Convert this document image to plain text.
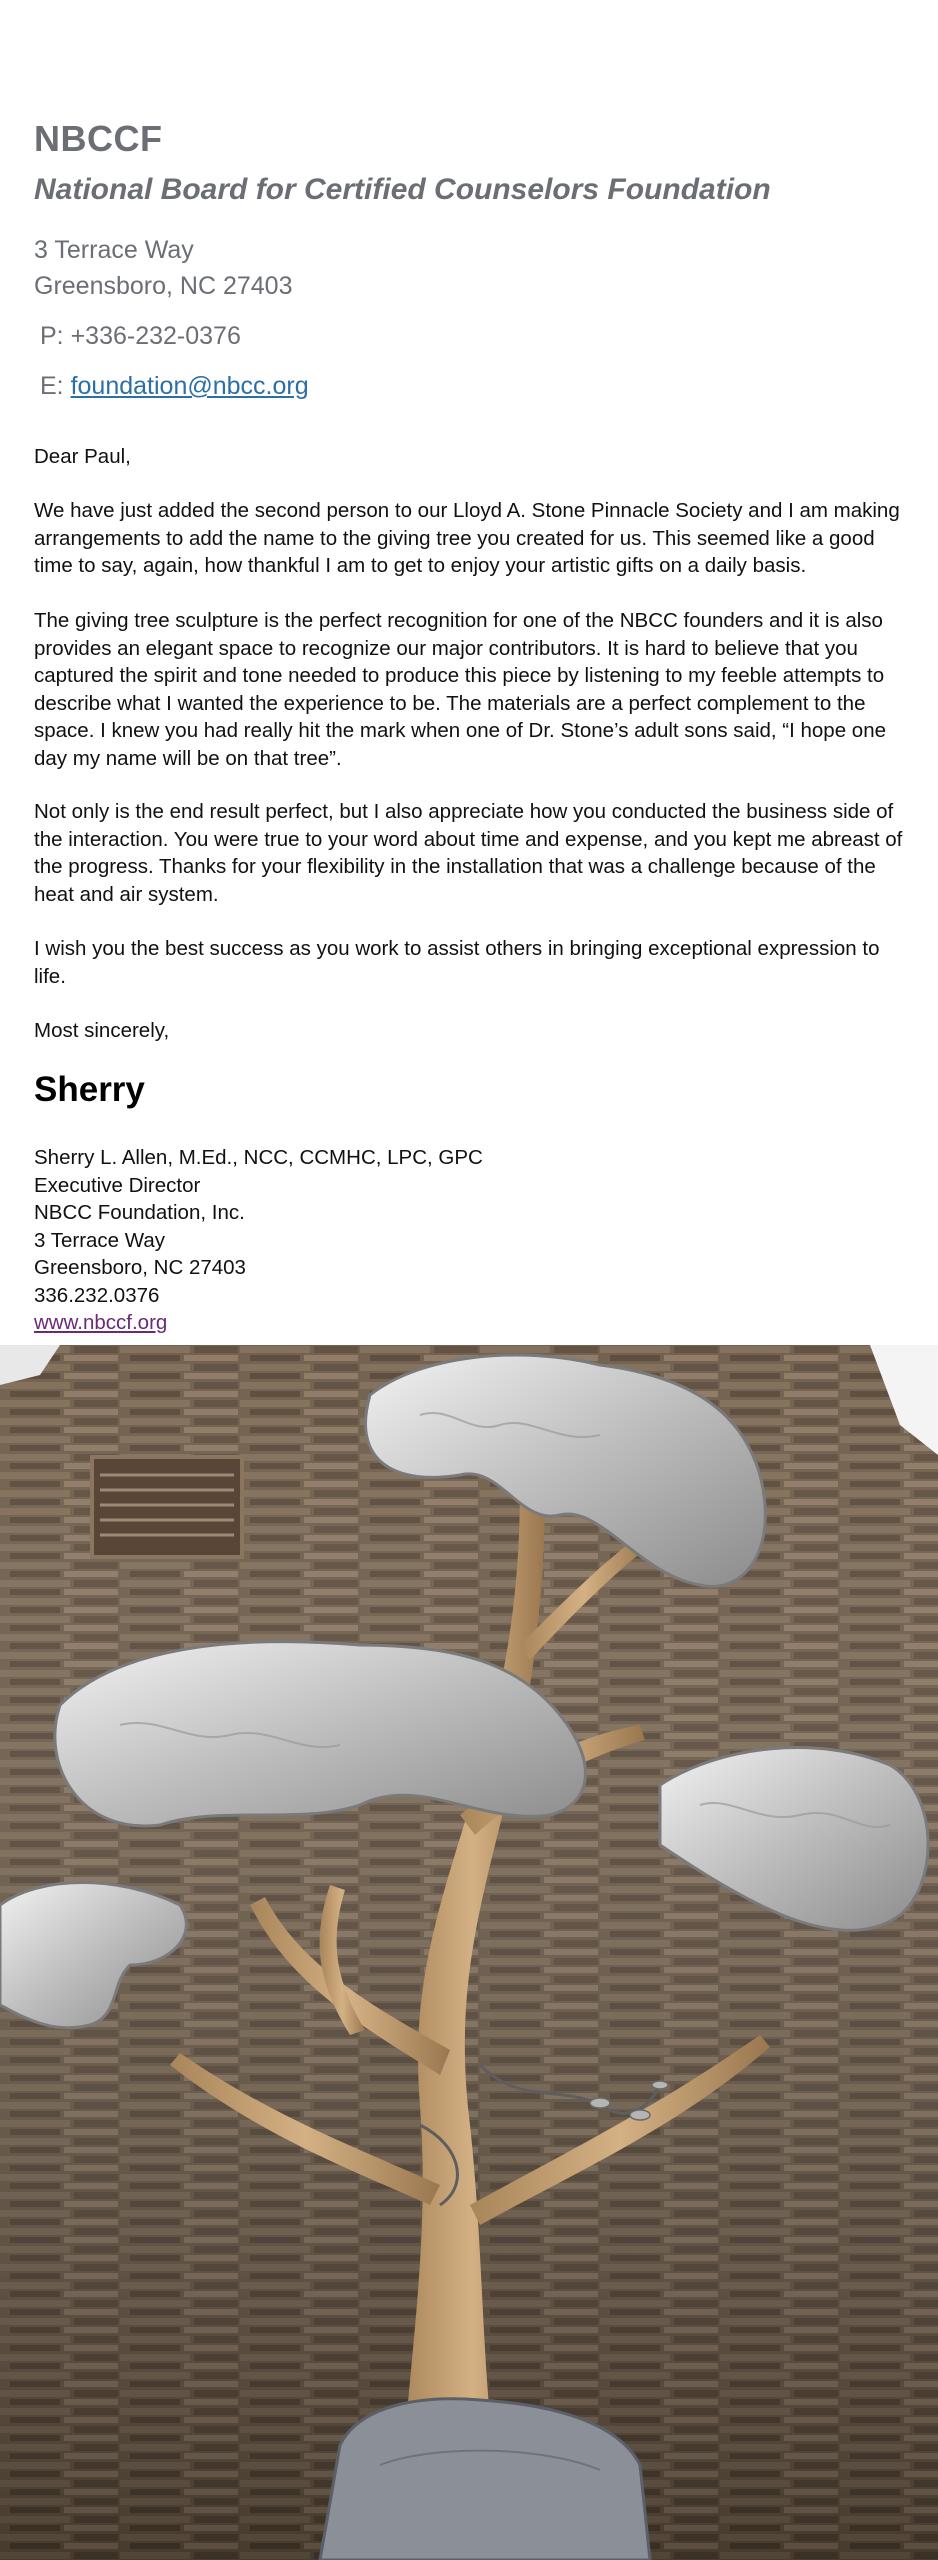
NBCCF
National Board for Certified Counselors Foundation
3 Terrace Way
Greensboro, NC 27403
P: +336-232-0376
E: foundation@nbcc.org

Dear Paul,

We have just added the second person to our Lloyd A. Stone Pinnacle Society and I am making arrangements to add the name to the giving tree you created for us. This seemed like a good time to say, again, how thankful I am to get to enjoy your artistic gifts on a daily basis.

The giving tree sculpture is the perfect recognition for one of the NBCC founders and it is also provides an elegant space to recognize our major contributors. It is hard to believe that you captured the spirit and tone needed to produce this piece by listening to my feeble attempts to describe what I wanted the experience to be. The materials are a perfect complement to the space. I knew you had really hit the mark when one of Dr. Stone’s adult sons said, “I hope one day my name will be on that tree”.

Not only is the end result perfect, but I also appreciate how you conducted the business side of the interaction. You were true to your word about time and expense, and you kept me abreast of the progress. Thanks for your flexibility in the installation that was a challenge because of the heat and air system.

I wish you the best success as you work to assist others in bringing exceptional expression to life.

Most sincerely,

Sherry
Sherry L. Allen, M.Ed., NCC, CCMHC, LPC, GPC
Executive Director
NBCC Foundation, Inc.
3 Terrace Way
Greensboro, NC 27403
336.232.0376
www.nbccf.org
